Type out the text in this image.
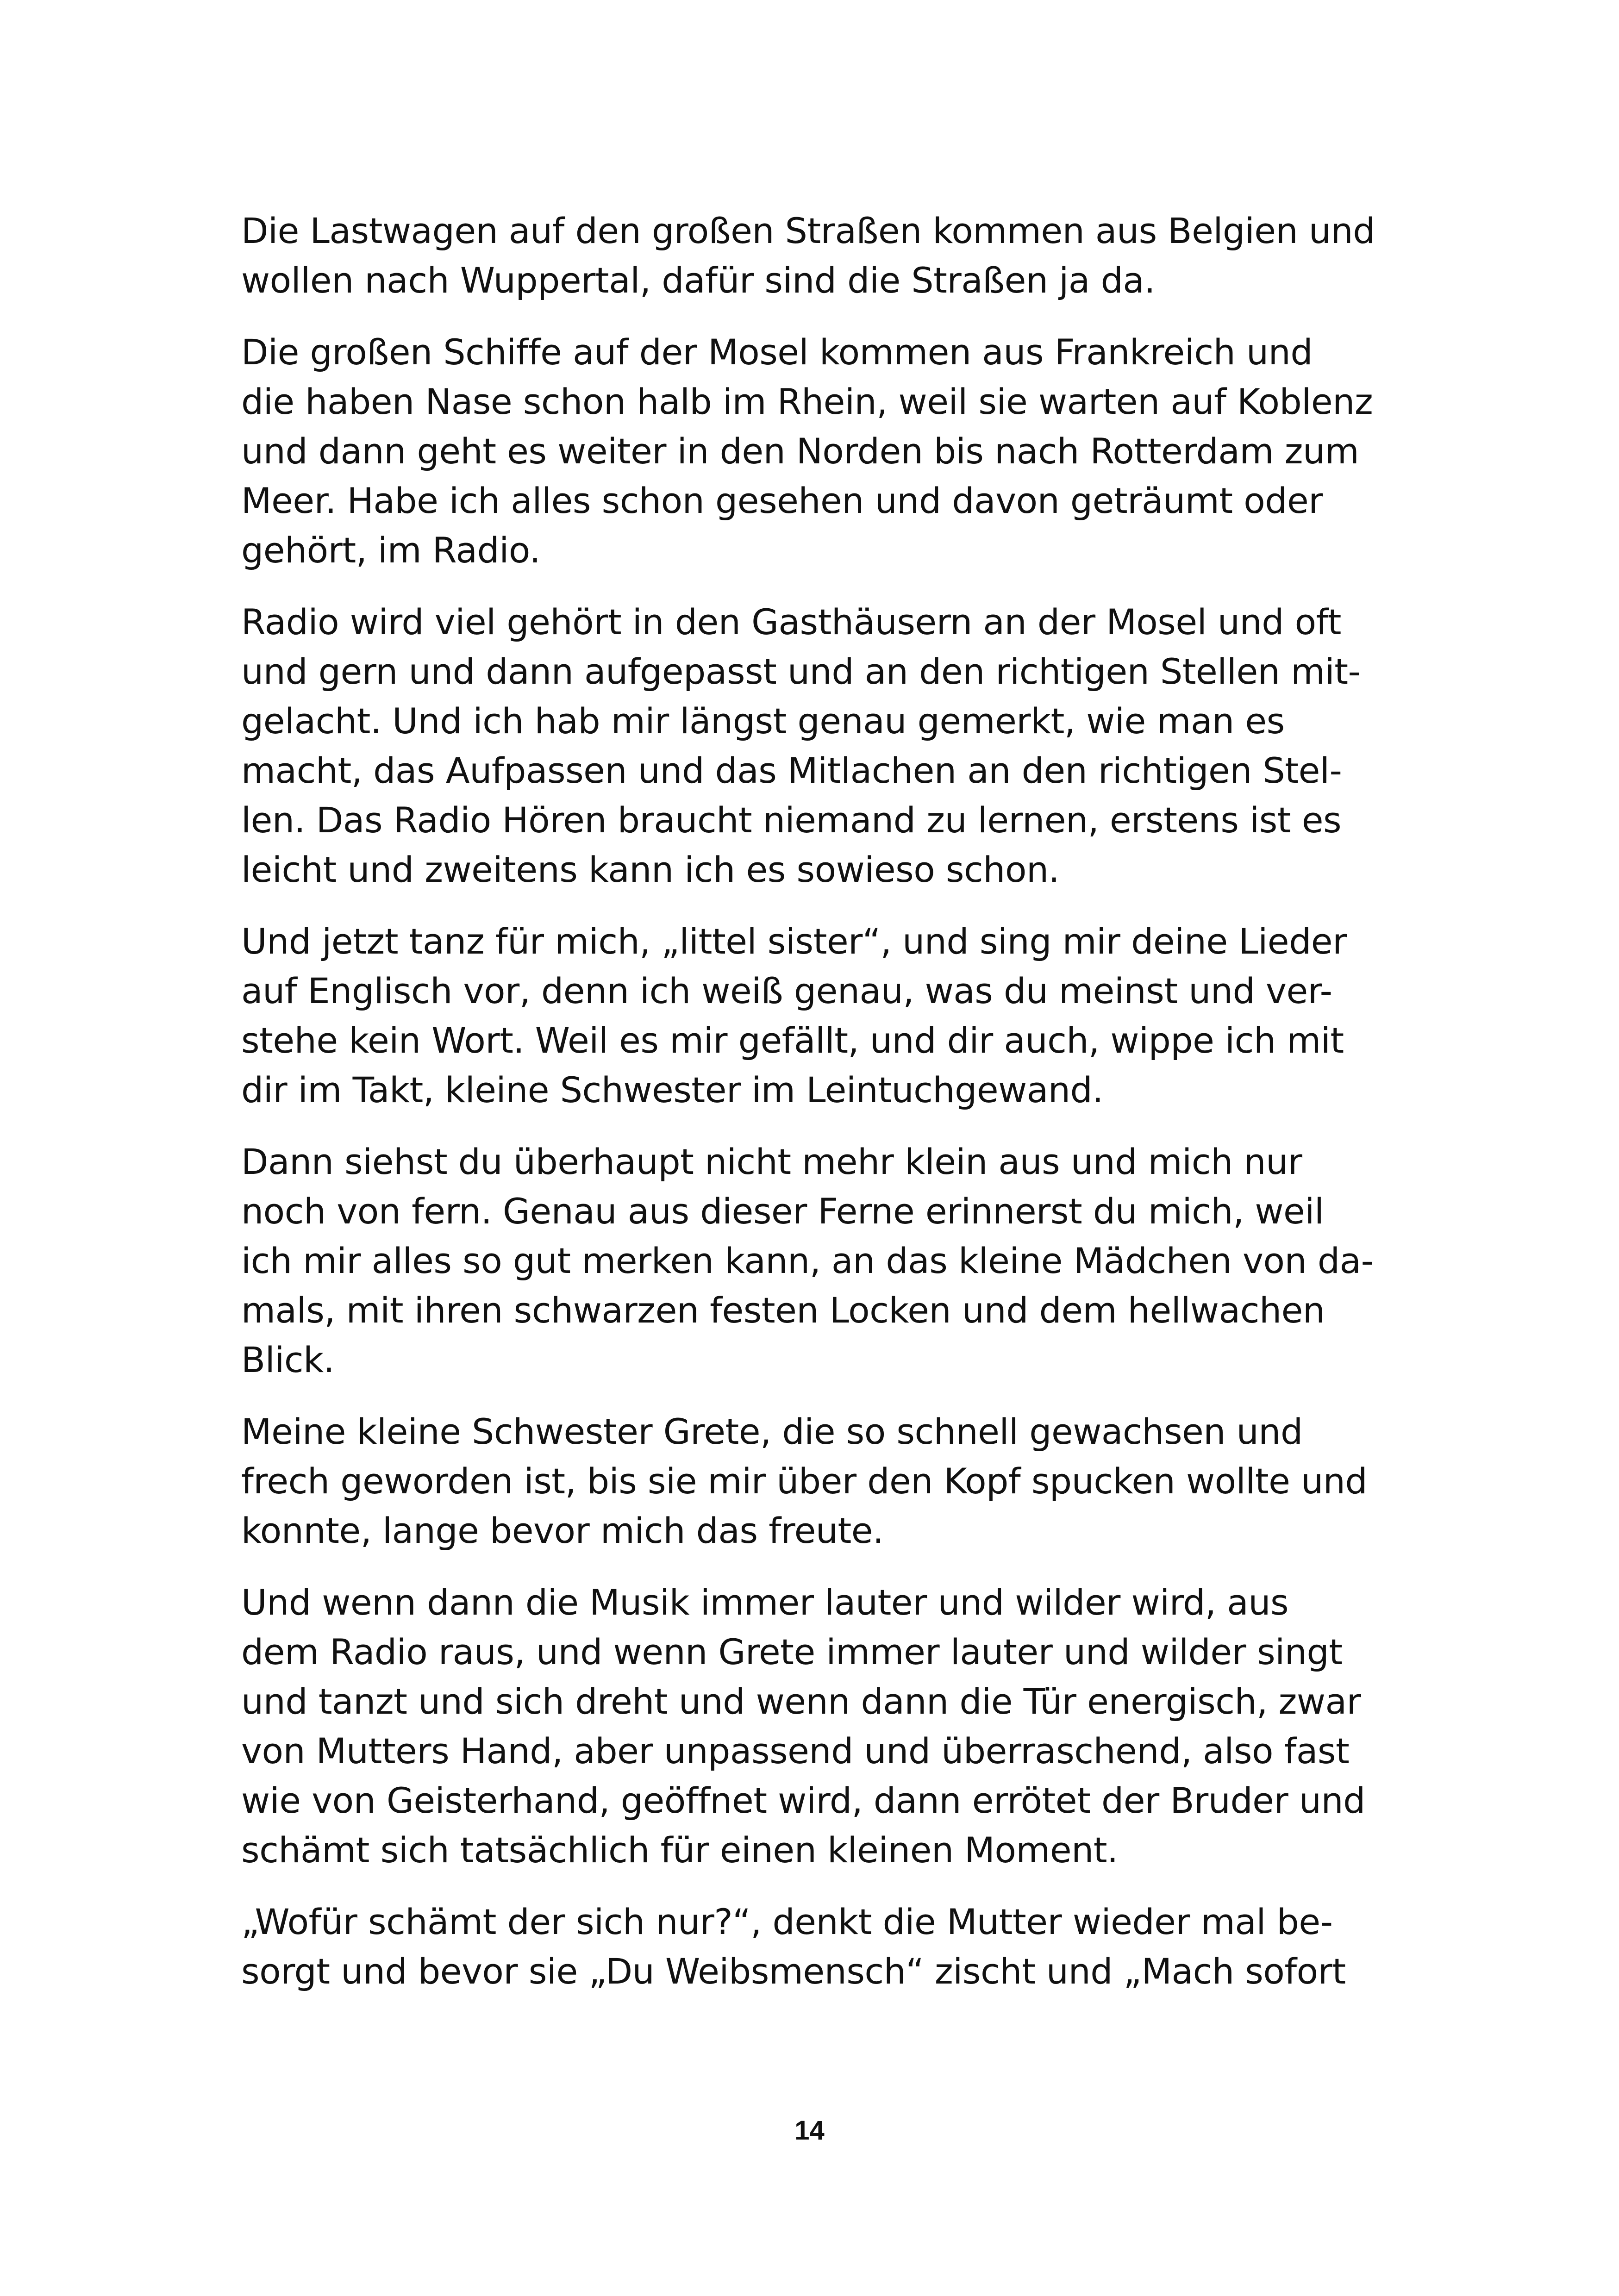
Die Lastwagen auf den großen Straßen kommen aus Belgien und
wollen nach Wuppertal, dafür sind die Straßen ja da.

Die großen Schiffe auf der Mosel kommen aus Frankreich und
die haben Nase schon halb im Rhein, weil sie warten auf Koblenz
und dann geht es weiter in den Norden bis nach Rotterdam zum
Meer. Habe ich alles schon gesehen und davon geträumt oder
gehört, im Radio.

Radio wird viel gehört in den Gasthäusern an der Mosel und oft
und gern und dann aufgepasst und an den richtigen Stellen mit-
gelacht. Und ich hab mir längst genau gemerkt, wie man es
macht, das Aufpassen und das Mitlachen an den richtigen Stel-
len. Das Radio Hören braucht niemand zu lernen, erstens ist es
leicht und zweitens kann ich es sowieso schon.

Und jetzt tanz für mich, „littel sister“, und sing mir deine Lieder
auf Englisch vor, denn ich weiß genau, was du meinst und ver-
stehe kein Wort. Weil es mir gefällt, und dir auch, wippe ich mit
dir im Takt, kleine Schwester im Leintuchgewand.

Dann siehst du überhaupt nicht mehr klein aus und mich nur
noch von fern. Genau aus dieser Ferne erinnerst du mich, weil
ich mir alles so gut merken kann, an das kleine Mädchen von da-
mals, mit ihren schwarzen festen Locken und dem hellwachen
Blick.

Meine kleine Schwester Grete, die so schnell gewachsen und
frech geworden ist, bis sie mir über den Kopf spucken wollte und
konnte, lange bevor mich das freute.

Und wenn dann die Musik immer lauter und wilder wird, aus
dem Radio raus, und wenn Grete immer lauter und wilder singt
und tanzt und sich dreht und wenn dann die Tür energisch, zwar
von Mutters Hand, aber unpassend und überraschend, also fast
wie von Geisterhand, geöffnet wird, dann errötet der Bruder und
schämt sich tatsächlich für einen kleinen Moment.

„Wofür schämt der sich nur?“, denkt die Mutter wieder mal be-
sorgt und bevor sie „Du Weibsmensch“ zischt und „Mach sofort

14
